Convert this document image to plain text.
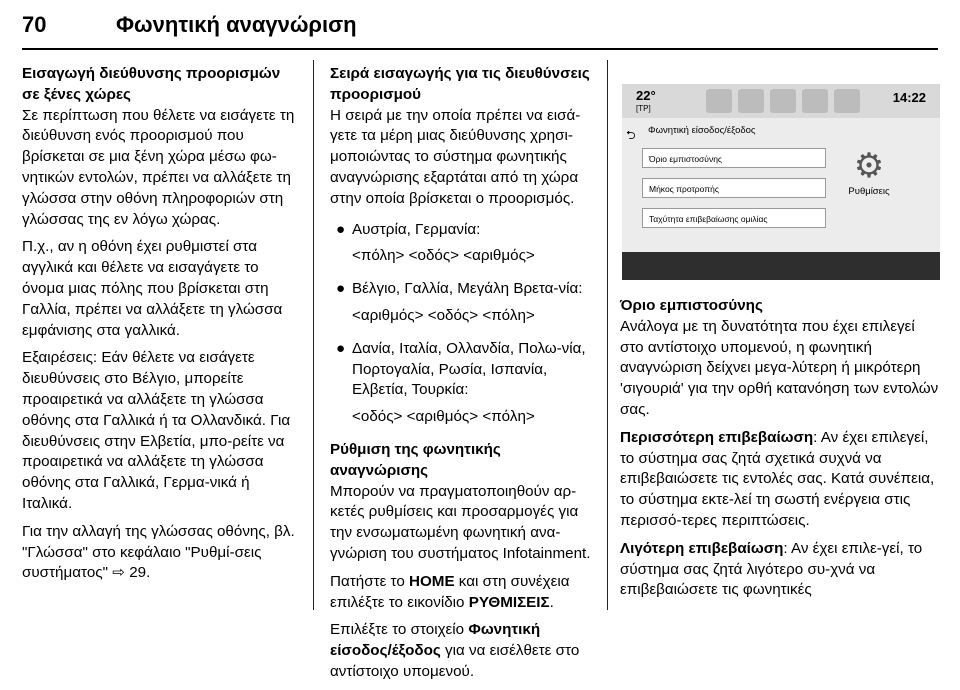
70	Φωνητική αναγνώριση
Εισαγωγή διεύθυνσης προορισμών
σε ξένες χώρες

Σε περίπτωση που θέλετε να εισάγετε τη διεύθυνση ενός προορισμού που βρίσκεται σε μια ξένη χώρα μέσω φω-νητικών εντολών, πρέπει να αλλάξετε τη γλώσσα στην οθόνη πληροφοριών στη γλώσσας της εν λόγω χώρας.

Π.χ., αν η οθόνη έχει ρυθμιστεί στα αγγλικά και θέλετε να εισαγάγετε το όνομα μιας πόλης που βρίσκεται στη Γαλλία, πρέπει να αλλάξετε τη γλώσσα εμφάνισης στα γαλλικά.

Εξαιρέσεις: Εάν θέλετε να εισάγετε διευθύνσεις στο Βέλγιο, μπορείτε προαιρετικά να αλλάξετε τη γλώσσα οθόνης στα Γαλλικά ή τα Ολλανδικά. Για διευθύνσεις στην Ελβετία, μπο-ρείτε να προαιρετικά να αλλάξετε τη γλώσσα οθόνης στα Γαλλικά, Γερμα-νικά ή Ιταλικά.

Για την αλλαγή της γλώσσας οθόνης, βλ. "Γλώσσα" στο κεφάλαιο "Ρυθμί-σεις συστήματος" ⇨ 29.

Σειρά εισαγωγής για τις διευθύνσεις προορισμού

Η σειρά με την οποία πρέπει να εισά-γετε τα μέρη μιας διεύθυνσης χρησι-μοποιώντας το σύστημα φωνητικής αναγνώρισης εξαρτάται από τη χώρα στην οποία βρίσκεται ο προορισμός.

● Αυστρία, Γερμανία:
<πόλη> <οδός> <αριθμός>
● Βέλγιο, Γαλλία, Μεγάλη Βρετα-νία:
<αριθμός> <οδός> <πόλη>
● Δανία, Ιταλία, Ολλανδία, Πολω-νία, Πορτογαλία, Ρωσία, Ισπανία, Ελβετία, Τουρκία:
<οδός> <αριθμός> <πόλη>
Ρύθμιση της φωνητικής αναγνώρισης

Μπορούν να πραγματοποιηθούν αρ-κετές ρυθμίσεις και προσαρμογές για την ενσωματωμένη φωνητική ανα-γνώριση του συστήματος Infotainment.

Πατήστε το HOME και στη συνέχεια επιλέξτε το εικονίδιο ΡΥΘΜΙΣΕΙΣ.

Επιλέξτε το στοιχείο Φωνητική είσοδος/έξοδος για να εισέλθετε στο αντίστοιχο υπομενού.

22°
[TP]
14:22
⮌ Φωνητική είσοδος/έξοδος
Όριο εμπιστοσύνης
Μήκος προτροπής
Ταχύτητα επιβεβαίωσης ομιλίας
⚙
Ρυθμίσεις
Όριο εμπιστοσύνης

Ανάλογα με τη δυνατότητα που έχει επιλεγεί στο αντίστοιχο υπομενού, η φωνητική αναγνώριση δείχνει μεγα-λύτερη ή μικρότερη 'σιγουριά' για την ορθή κατανόηση των εντολών σας.

Περισσότερη επιβεβαίωση: Αν έχει επιλεγεί, το σύστημα σας ζητά σχετικά συχνά να επιβεβαιώσετε τις εντολές σας. Κατά συνέπεια, το σύστημα εκτε-λεί τη σωστή ενέργεια στις περισσό-τερες περιπτώσεις.

Λιγότερη επιβεβαίωση: Αν έχει επιλε-γεί, το σύστημα σας ζητά λιγότερο συ-χνά να επιβεβαιώσετε τις φωνητικές
